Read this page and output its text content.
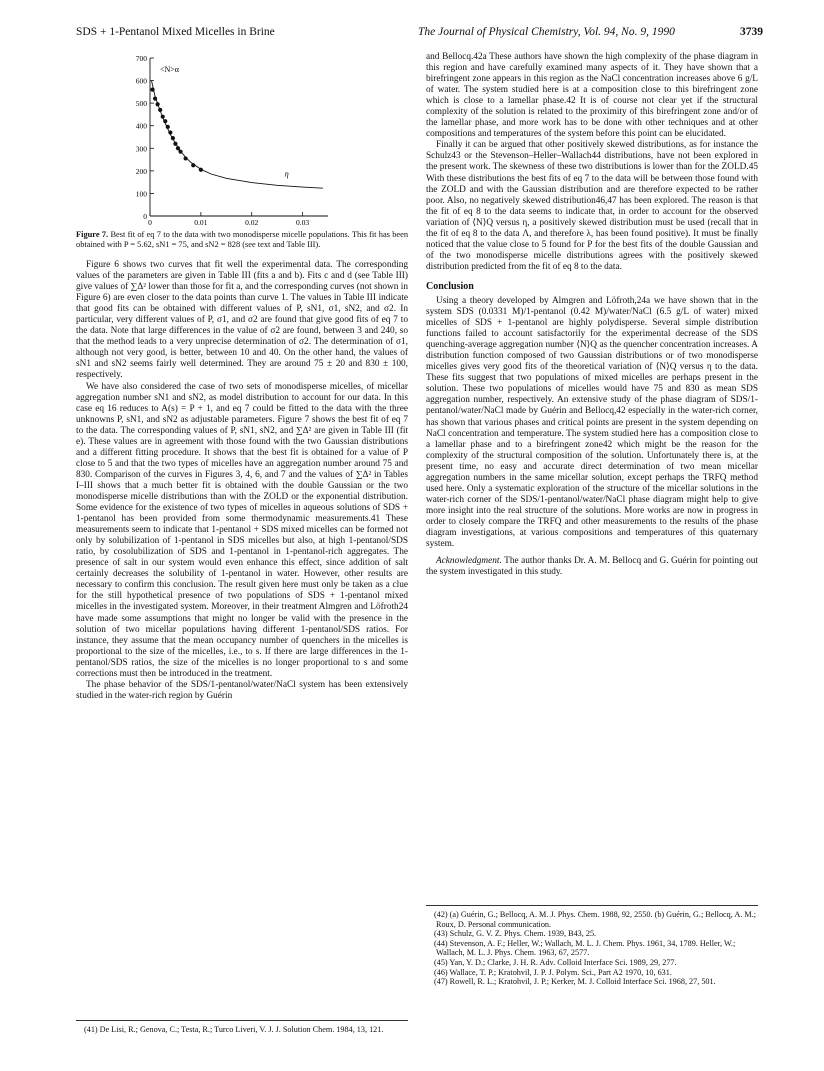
SDS + 1-Pentanol Mixed Micelles in Brine	The Journal of Physical Chemistry, Vol. 94, No. 9, 1990	3739
0
100
200
300
400
500
600
700
0	0.01	0.02	0.03
<N>α
η
Figure 7. Best fit of eq 7 to the data with two monodisperse micelle populations. This fit has been obtained with P = 5.62, sN1 = 75, and sN2 = 828 (see text and Table III).

Figure 6 shows two curves that fit well the experimental data. The corresponding values of the parameters are given in Table III (fits a and b). Fits c and d (see Table III) give values of ∑Δ² lower than those for fit a, and the corresponding curves (not shown in Figure 6) are even closer to the data points than curve 1. The values in Table III indicate that good fits can be obtained with different values of P, sN1, σ1, sN2, and σ2. In particular, very different values of P, σ1, and σ2 are found that give good fits of eq 7 to the data. Note that large differences in the value of σ2 are found, between 3 and 240, so that the method leads to a very unprecise determination of σ2. The determination of σ1, although not very good, is better, between 10 and 40. On the other hand, the values of sN1 and sN2 seems fairly well determined. They are around 75 ± 20 and 830 ± 100, respectively.

We have also considered the case of two sets of monodisperse micelles, of micellar aggregation number sN1 and sN2, as model distribution to account for our data. In this case eq 16 reduces to A(s) = P + 1, and eq 7 could be fitted to the data with the three unknowns P, sN1, and sN2 as adjustable parameters. Figure 7 shows the best fit of eq 7 to the data. The corresponding values of P, sN1, sN2, and ∑Δ² are given in Table III (fit e). These values are in agreement with those found with the two Gaussian distributions and a different fitting procedure. It shows that the best fit is obtained for a value of P close to 5 and that the two types of micelles have an aggregation number around 75 and 830. Comparison of the curves in Figures 3, 4, 6, and 7 and the values of ∑Δ² in Tables I–III shows that a much better fit is obtained with the double Gaussian or the two monodisperse micelle distributions than with the ZOLD or the exponential distribution. Some evidence for the existence of two types of micelles in aqueous solutions of SDS + 1-pentanol has been provided from some thermodynamic measurements.41 These measurements seem to indicate that 1-pentanol + SDS mixed micelles can be formed not only by solubilization of 1-pentanol in SDS micelles but also, at high 1-pentanol/SDS ratio, by cosolubilization of SDS and 1-pentanol in 1-pentanol-rich aggregates. The presence of salt in our system would even enhance this effect, since addition of salt certainly decreases the solubility of 1-pentanol in water. However, other results are necessary to confirm this conclusion. The result given here must only be taken as a clue for the still hypothetical presence of two populations of SDS + 1-pentanol mixed micelles in the investigated system. Moreover, in their treatment Almgren and Löfroth24 have made some assumptions that might no longer be valid with the presence in the solution of two micellar populations having different 1-pentanol/SDS ratios. For instance, they assume that the mean occupancy number of quenchers in the micelles is proportional to the size of the micelles, i.e., to s. If there are large differences in the 1-pentanol/SDS ratios, the size of the micelles is no longer proportional to s and some corrections must then be introduced in the treatment.

The phase behavior of the SDS/1-pentanol/water/NaCl system has been extensively studied in the water-rich region by Guérin

and Bellocq.42a These authors have shown the high complexity of the phase diagram in this region and have carefully examined many aspects of it. They have shown that a birefringent zone appears in this region as the NaCl concentration increases above 6 g/L of water. The system studied here is at a composition close to this birefringent zone which is close to a lamellar phase.42 It is of course not clear yet if the structural complexity of the solution is related to the proximity of this birefringent zone and/or of the lamellar phase, and more work has to be done with other techniques and at other compositions and temperatures of the system before this point can be elucidated.

Finally it can be argued that other positively skewed distributions, as for instance the Schulz43 or the Stevenson–Heller–Wallach44 distributions, have not been explored in the present work. The skewness of these two distributions is lower than for the ZOLD.45 With these distributions the best fits of eq 7 to the data will be between those found with the ZOLD and with the Gaussian distribution and are therefore expected to be rather poor. Also, no negatively skewed distribution46,47 has been explored. The reason is that the fit of eq 8 to the data seems to indicate that, in order to account for the observed variation of ⟨N⟩Q versus η, a positively skewed distribution must be used (recall that in the fit of eq 8 to the data Λ, and therefore λ, has been found positive). It must be finally noticed that the value close to 5 found for P for the best fits of the double Gaussian and of the two monodisperse micelle distributions agrees with the positively skewed distribution predicted from the fit of eq 8 to the data.

Conclusion

Using a theory developed by Almgren and Löfroth,24a we have shown that in the system SDS (0.0331 M)/1-pentanol (0.42 M)/water/NaCl (6.5 g/L of water) mixed micelles of SDS + 1-pentanol are highly polydisperse. Several simple distribution functions failed to account satisfactorily for the experimental decrease of the SDS quenching-average aggregation number ⟨N⟩Q as the quencher concentration increases. A distribution function composed of two Gaussian distributions or of two monodisperse micelles gives very good fits of the theoretical variation of ⟨N⟩Q versus η to the data. These fits suggest that two populations of mixed micelles are perhaps present in the solution. These two populations of micelles would have 75 and 830 as mean SDS aggregation number, respectively. An extensive study of the phase diagram of SDS/1-pentanol/water/NaCl made by Guérin and Bellocq,42 especially in the water-rich corner, has shown that various phases and critical points are present in the system depending on NaCl concentration and temperature. The system studied here has a composition close to a lamellar phase and to a birefringent zone42 which might be the reason for the complexity of the structural composition of the solution. Unfortunately there is, at the present time, no easy and accurate direct determination of two mean micellar aggregation numbers in the same micellar solution, except perhaps the TRFQ method used here. Only a systematic exploration of the structure of the micellar solutions in the water-rich corner of the SDS/1-pentanol/water/NaCl phase diagram might help to give more insight into the real structure of the solutions. More works are now in progress in order to closely compare the TRFQ and other measurements to the results of the phase diagram investigations, at various compositions and temperatures of this quaternary system.

Acknowledgment. The author thanks Dr. A. M. Bellocq and G. Guérin for pointing out the system investigated in this study.

(42) (a) Guérin, G.; Bellocq, A. M. J. Phys. Chem. 1988, 92, 2550. (b) Guérin, G.; Bellocq, A. M.; Roux, D. Personal communication.
(43) Schulz, G. V. Z. Phys. Chem. 1939, B43, 25.
(44) Stevenson, A. F.; Heller, W.; Wallach, M. L. J. Chem. Phys. 1961, 34, 1789. Heller, W.; Wallach, M. L. J. Phys. Chem. 1963, 67, 2577.
(45) Yan, Y. D.; Clarke, J. H. R. Adv. Colloid Interface Sci. 1989, 29, 277.
(46) Wallace, T. P.; Kratohvil, J. P. J. Polym. Sci., Part A2 1970, 10, 631.
(47) Rowell, R. L.; Kratohvil, J. P.; Kerker, M. J. Colloid Interface Sci. 1968, 27, 501.
(41) De Lisi, R.; Genova, C.; Testa, R.; Turco Liveri, V. J. J. Solution Chem. 1984, 13, 121.
